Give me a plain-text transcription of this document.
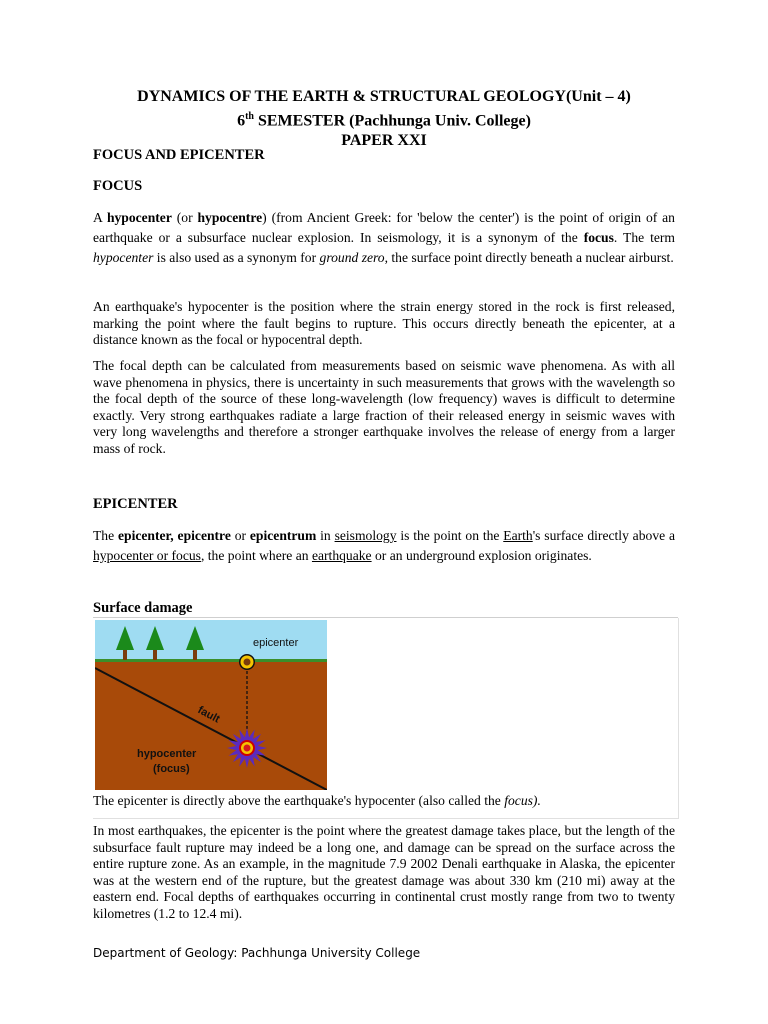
DYNAMICS OF THE EARTH & STRUCTURAL GEOLOGY(Unit – 4)
6th SEMESTER (Pachhunga Univ. College)
PAPER XXI
FOCUS AND EPICENTER
FOCUS
A hypocenter (or hypocentre) (from Ancient Greek: for 'below the center') is the point of origin of an earthquake or a subsurface nuclear explosion. In seismology, it is a synonym of the focus. The term hypocenter is also used as a synonym for ground zero, the surface point directly beneath a nuclear airburst.
An earthquake's hypocenter is the position where the strain energy stored in the rock is first released, marking the point where the fault begins to rupture. This occurs directly beneath the epicenter, at a distance known as the focal or hypocentral depth.
The focal depth can be calculated from measurements based on seismic wave phenomena. As with all wave phenomena in physics, there is uncertainty in such measurements that grows with the wavelength so the focal depth of the source of these long-wavelength (low frequency) waves is difficult to determine exactly. Very strong earthquakes radiate a large fraction of their released energy in seismic waves with very long wavelengths and therefore a stronger earthquake involves the release of energy from a larger mass of rock.
EPICENTER
The epicenter, epicentre or epicentrum in seismology is the point on the Earth's surface directly above a hypocenter or focus, the point where an earthquake or an underground explosion originates.
Surface damage
fault
epicenter
hypocenter
(focus)
The epicenter is directly above the earthquake's hypocenter (also called the focus).
In most earthquakes, the epicenter is the point where the greatest damage takes place, but the length of the subsurface fault rupture may indeed be a long one, and damage can be spread on the surface across the entire rupture zone. As an example, in the magnitude 7.9 2002 Denali earthquake in Alaska, the epicenter was at the western end of the rupture, but the greatest damage was about 330 km (210 mi) away at the eastern end. Focal depths of earthquakes occurring in continental crust mostly range from two to twenty kilometres (1.2 to 12.4 mi).
Department of Geology: Pachhunga University College
